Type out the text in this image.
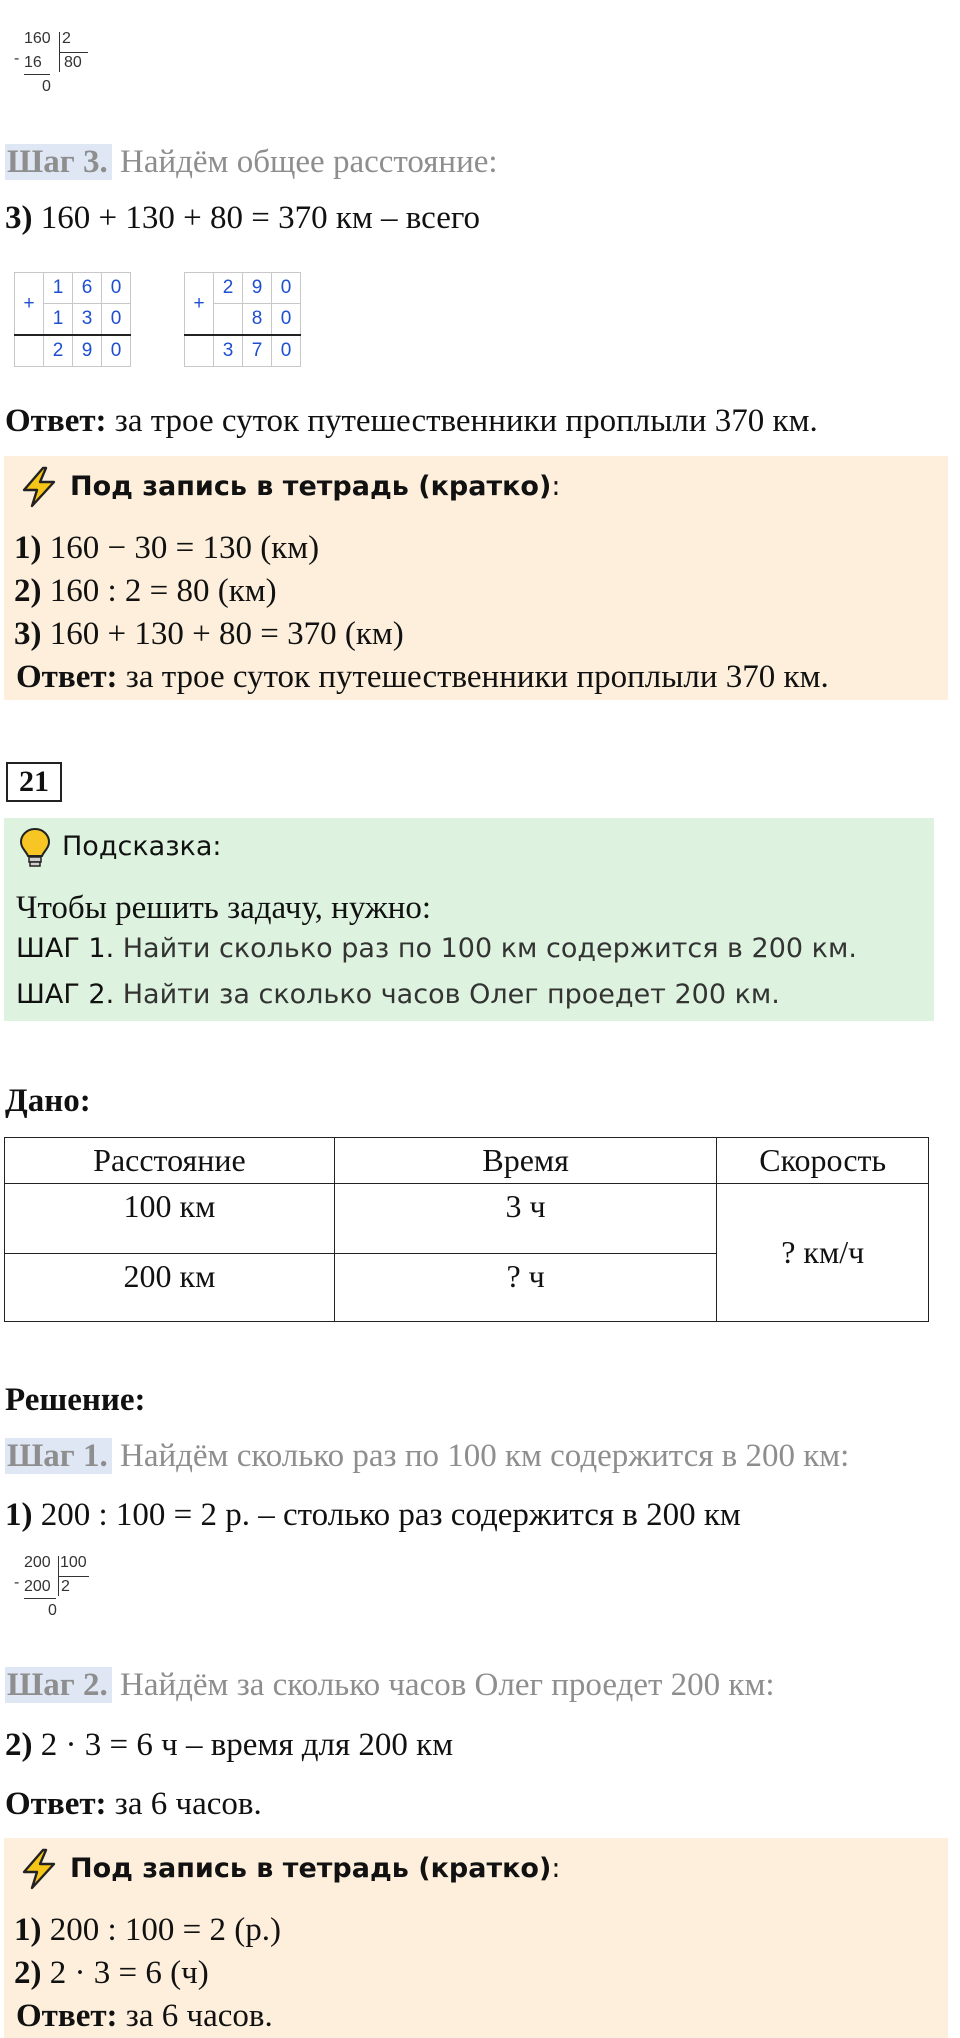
-
160 2
16 80
0
Шаг 3. Найдём общее расстояние:
3) 160 + 130 + 80 = 370 км – всего
+	1	6	0
	1	3	0
	2	9	0
+	2	9	0
		8	0
	3	7	0
Ответ: за трое суток путешественники проплыли 370 км.
Под запись в тетрадь (кратко):
1) 160 − 30 = 130 (км)
2) 160 : 2 = 80 (км)
3) 160 + 130 + 80 = 370 (км)
Ответ: за трое суток путешественники проплыли 370 км.
21
Подсказка:
Чтобы решить задачу, нужно:
ШАГ 1. Найти сколько раз по 100 км содержится в 200 км.
ШАГ 2. Найти за сколько часов Олег проедет 200 км.
Дано:
Расстояние	Время	Скорость
100 км	3 ч	? км/ч
200 км	? ч	
Решение:
Шаг 1. Найдём сколько раз по 100 км содержится в 200 км:
1) 200 : 100 = 2 р. – столько раз содержится в 200 км
-
200 100
200 2
0
Шаг 2. Найдём за сколько часов Олег проедет 200 км:
2) 2 · 3 = 6 ч – время для 200 км
Ответ: за 6 часов.
Под запись в тетрадь (кратко):
1) 200 : 100 = 2 (р.)
2) 2 · 3 = 6 (ч)
Ответ: за 6 часов.
